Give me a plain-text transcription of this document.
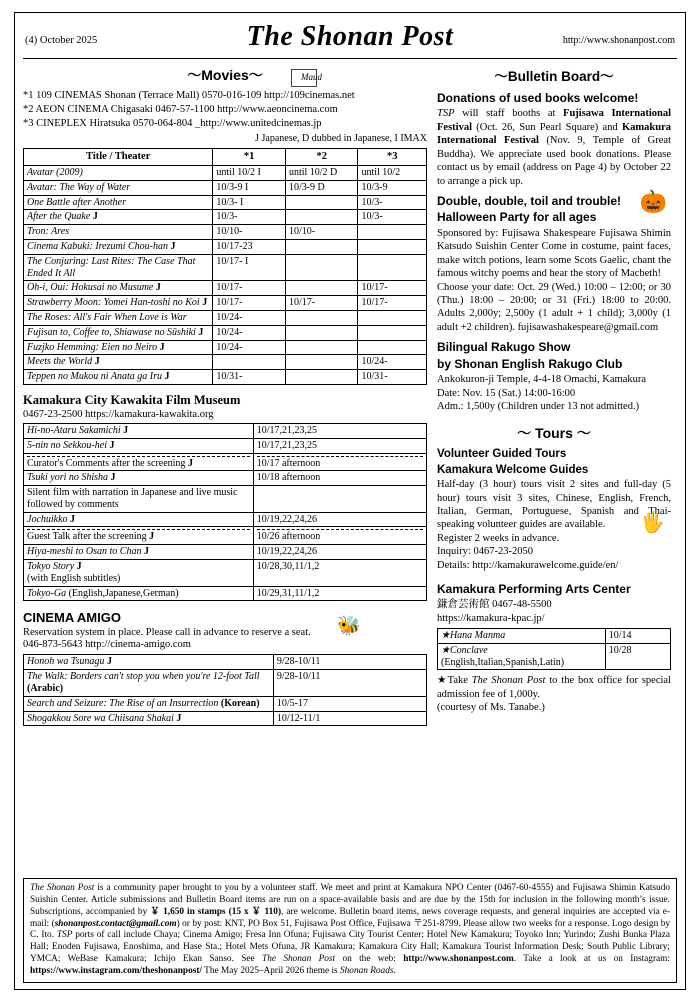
(4) October 2025	The Shonan Post	http://www.shonanpost.com
～Movies～	Maud
*1 109 CINEMAS Shonan (Terrace Mall) 0570-016-109 http://109cinemas.net
*2 AEON CINEMA Chigasaki 0467-57-1100 http://www.aeoncinema.com
*3 CINEPLEX Hiratsuka 0570-064-804 _http://www.unitedcinemas.jp
J Japanese, D dubbed in Japanese, I IMAX
Title / Theater	*1	*2	*3
Avatar (2009)	until 10/2 I	until 10/2 D	until 10/2
Avatar: The Way of Water	10/3-9 I	10/3-9 D	10/3-9
One Battle after Another	10/3- I		10/3-
After the Quake J	10/3-		10/3-
Tron: Ares	10/10-	10/10-	
Cinema Kabuki: Irezumi Chou-han J	10/17-23		
The Conjuring: Last Rites: The Case That Ended It All	10/17- I		
Oh-i, Oui: Hokusai no Musume J	10/17-		10/17-
Strawberry Moon: Yomei Han-toshi no Koi J	10/17-	10/17-	10/17-
The Roses: All's Fair When Love is War	10/24-		
Fujisan to, Coffee to, Shiawase no Sūshiki J	10/24-		
Fuzjko Hemming: Eien no Neiro J	10/24-		
Meets the World J			10/24-
Teppen no Mukou ni Anata ga Iru J	10/31-		10/31-
Kamakura City Kawakita Film Museum
0467-23-2500 https://kamakura-kawakita.org
Hi-no-Ataru Sakamichi J	10/17,21,23,25
5-nin no Sekkou-hei J	10/17,21,23,25

Curator's Comments after the screening J	10/17 afternoon
Tsuki yori no Shisha J	10/18 afternoon
Silent film with narration in Japanese and live music followed by comments	
Jochuikko J	10/19,22,24,26

Guest Talk after the screening J	10/26 afternoon
Hiya-meshi to Osan to Chan J	10/19,22,24,26
Tokyo Story J
(with English subtitles)	10/28,30,11/1,2
Tokyo-Ga (English,Japanese,German)	10/29,31,11/1,2
CINEMA AMIGO
Reservation system in place. Please call in advance to reserve a seat.
046-873-5643 http://cinema-amigo.com
Honoh wa Tsunagu J	9/28-10/11
The Walk: Borders can't stop you when you're 12-foot Tall (Arabic)	9/28-10/11
Search and Seizure: The Rise of an Insurrection (Korean)	10/5-17
Shogakkou Sore wa Chiisana Shakai J	10/12-11/1
🐝
～Bulletin Board～
Donations of used books welcome!
TSP will staff booths at Fujisawa International Festival (Oct. 26, Sun Pearl Square) and Kamakura International Festival (Nov. 9, Temple of Great Buddha). We appreciate used book donations. Please contact us by email (address on Page 4) by October 22 to arrange a pick up.
🎃
Double, double, toil and trouble!
Halloween Party for all ages
Sponsored by: Fujisawa Shakespeare Fujisawa Shimin Katsudo Suishin Center Come in costume, paint faces, make witch potions, learn some Scots Gaelic, chant the famous witchy poems and hear the story of Macbeth!
Choose your date: Oct. 29 (Wed.) 10:00 – 12:00; or 30 (Thu.) 18:00 – 20:00; or 31 (Fri.) 18:00 to 20:00. Adults 2,000y; 2,500y (1 adult + 1 child); 3,000y (1 adult +2 children). fujisawashakespeare@gmail.com
Bilingual Rakugo Show
by Shonan English Rakugo Club
Ankokuron-ji Temple, 4-4-18 Omachi, Kamakura
Date: Nov. 15 (Sat.) 14:00-16:00
Adm.: 1,500y (Children under 13 not admitted.)
🖐
～ Tours ～
Volunteer Guided Tours
Kamakura Welcome Guides
Half-day (3 hour) tours visit 2 sites and full-day (5 hour) tours visit 3 sites, Chinese, English, French, Italian, German, Portuguese, Spanish and Thai-speaking volunteer guides are available.
Register 2 weeks in advance.
Inquiry: 0467-23-2050
Details: http://kamakurawelcome.guide/en/
Kamakura Performing Arts Center
鎌倉芸術館 0467-48-5500
https://kamakura-kpac.jp/
★Hana Manma	10/14
★Conclave
(English,Italian,Spanish,Latin)	10/28
★Take The Shonan Post to the box office for special admission fee of 1,000y.
(courtesy of Ms. Tanabe.)
The Shonan Post is a community paper brought to you by a volunteer staff. We meet and print at Kamakura NPO Center (0467-60-4555) and Fujisawa Shimin Katsudo Suishin Center. Article submissions and Bulletin Board items are run on a space-available basis and are due by the 15th for inclusion in the following month’s issue. Subscriptions, accompanied by ￥ 1,650 in stamps (15 x ￥ 110), are welcome. Bulletin board items, news coverage requests, and general inquiries are accepted via e-mail: (shonanpost.contact@gmail.com) or by post: KNT, PO Box 51, Fujisawa Post Office, Fujisawa 〒251-8799. Please allow two weeks for a response. Logo design by C. Ito. TSP ports of call include Chaya; Cinema Amigo; Fresa Inn Ofuna; Fujisawa City Tourist Center; Hotel New Kamakura; Toyoko Inn; Yurindo; Zushi Bunka Plaza Hall; Enoden Fujisawa, Enoshima, and Hase Sta.; Hotel Mets Ofuna, JR Kamakura; Kamakura City Hall; Kamakura Tourist Information Desk; South Public Library; YMCA; WeBase Kamakura; Ichijo Ekan Sanso. See The Shonan Post on the web: http://www.shonanpost.com. Take a look at us on Instagram: https://www.instagram.com/theshonanpost/ The May 2025–April 2026 theme is Shonan Roads.
